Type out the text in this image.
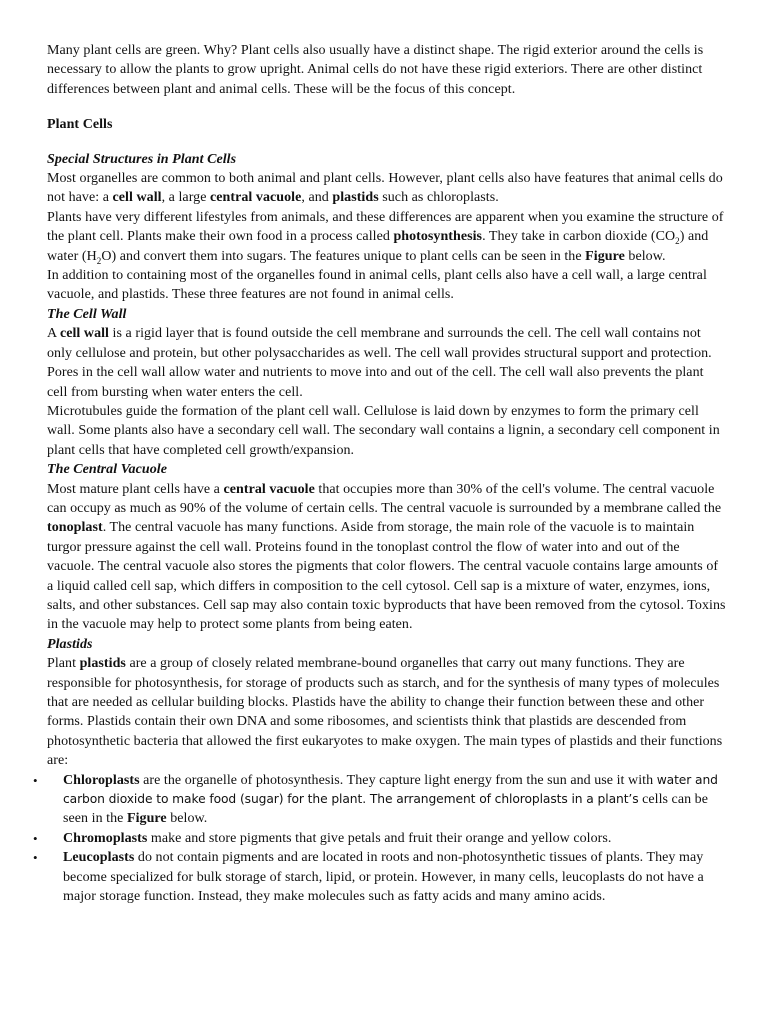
Many plant cells are green. Why? Plant cells also usually have a distinct shape. The rigid exterior around the cells is necessary to allow the plants to grow upright. Animal cells do not have these rigid exteriors. There are other distinct differences between plant and animal cells. These will be the focus of this concept.

Plant Cells

Special Structures in Plant Cells

Most organelles are common to both animal and plant cells. However, plant cells also have features that animal cells do not have: a cell wall, a large central vacuole, and plastids such as chloroplasts.

Plants have very different lifestyles from animals, and these differences are apparent when you examine the structure of the plant cell. Plants make their own food in a process called photosynthesis. They take in carbon dioxide $(CO_2)$ and water $(H_2O)$ and convert them into sugars. The features unique to plant cells can be seen in the Figure below.

In addition to containing most of the organelles found in animal cells, plant cells also have a cell wall, a large central vacuole, and plastids. These three features are not found in animal cells.

The Cell Wall

A cell wall is a rigid layer that is found outside the cell membrane and surrounds the cell. The cell wall contains not only cellulose and protein, but other polysaccharides as well. The cell wall provides structural support and protection. Pores in the cell wall allow water and nutrients to move into and out of the cell. The cell wall also prevents the plant cell from bursting when water enters the cell.

Microtubules guide the formation of the plant cell wall. Cellulose is laid down by enzymes to form the primary cell wall. Some plants also have a secondary cell wall. The secondary wall contains a lignin, a secondary cell component in plant cells that have completed cell growth/expansion.

The Central Vacuole

Most mature plant cells have a central vacuole that occupies more than 30% of the cell's volume. The central vacuole can occupy as much as 90% of the volume of certain cells. The central vacuole is surrounded by a membrane called the tonoplast. The central vacuole has many functions. Aside from storage, the main role of the vacuole is to maintain turgor pressure against the cell wall. Proteins found in the tonoplast control the flow of water into and out of the vacuole. The central vacuole also stores the pigments that color flowers. The central vacuole contains large amounts of a liquid called cell sap, which differs in composition to the cell cytosol. Cell sap is a mixture of water, enzymes, ions, salts, and other substances. Cell sap may also contain toxic byproducts that have been removed from the cytosol. Toxins in the vacuole may help to protect some plants from being eaten.

Plastids

Plant plastids are a group of closely related membrane-bound organelles that carry out many functions. They are responsible for photosynthesis, for storage of products such as starch, and for the synthesis of many types of molecules that are needed as cellular building blocks. Plastids have the ability to change their function between these and other forms. Plastids contain their own DNA and some ribosomes, and scientists think that plastids are descended from photosynthetic bacteria that allowed the first eukaryotes to make oxygen. The main types of plastids and their functions are:

• Chloroplasts are the organelle of photosynthesis. They capture light energy from the sun and use it with water and carbon dioxide to make food (sugar) for the plant. The arrangement of chloroplasts in a plant’s cells can be seen in the Figure below.
• Chromoplasts make and store pigments that give petals and fruit their orange and yellow colors.
• Leucoplasts do not contain pigments and are located in roots and non-photosynthetic tissues of plants. They may become specialized for bulk storage of starch, lipid, or protein. However, in many cells, leucoplasts do not have a major storage function. Instead, they make molecules such as fatty acids and many amino acids.
